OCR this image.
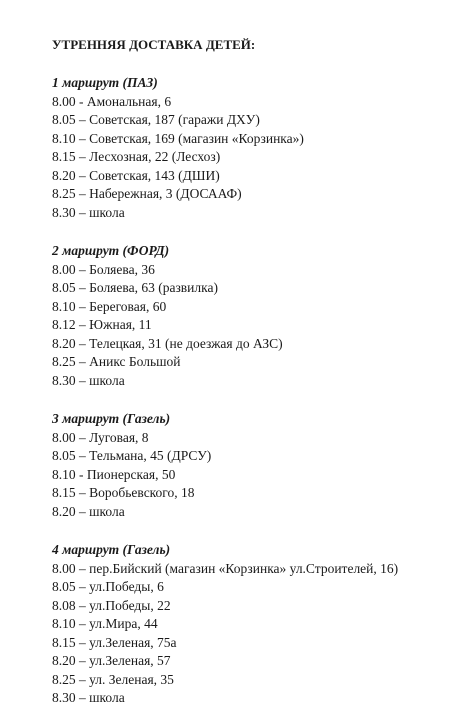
УТРЕННЯЯ ДОСТАВКА ДЕТЕЙ:
1 маршрут (ПАЗ)
8.00 - Амональная, 6
8.05 – Советская, 187 (гаражи ДХУ)
8.10 – Советская, 169 (магазин «Корзинка»)
8.15 – Лесхозная, 22 (Лесхоз)
8.20 – Советская, 143 (ДШИ)
8.25 – Набережная, 3 (ДОСААФ)
8.30 – школа
2 маршрут (ФОРД)
8.00 – Боляева, 36
8.05 – Боляева, 63 (развилка)
8.10 – Береговая, 60
8.12 – Южная, 11
8.20 – Телецкая, 31 (не доезжая до АЗС)
8.25 – Аникс Большой
8.30 – школа
3 маршрут (Газель)
8.00 – Луговая, 8
8.05 – Тельмана, 45 (ДРСУ)
8.10 - Пионерская, 50
8.15 – Воробьевского, 18
8.20 – школа
4 маршрут (Газель)
8.00 – пер.Бийский (магазин «Корзинка» ул.Строителей, 16)
8.05 – ул.Победы, 6
8.08 – ул.Победы, 22
8.10 – ул.Мира, 44
8.15 – ул.Зеленая, 75а
8.20 – ул.Зеленая, 57
8.25 – ул. Зеленая, 35
8.30 – школа
